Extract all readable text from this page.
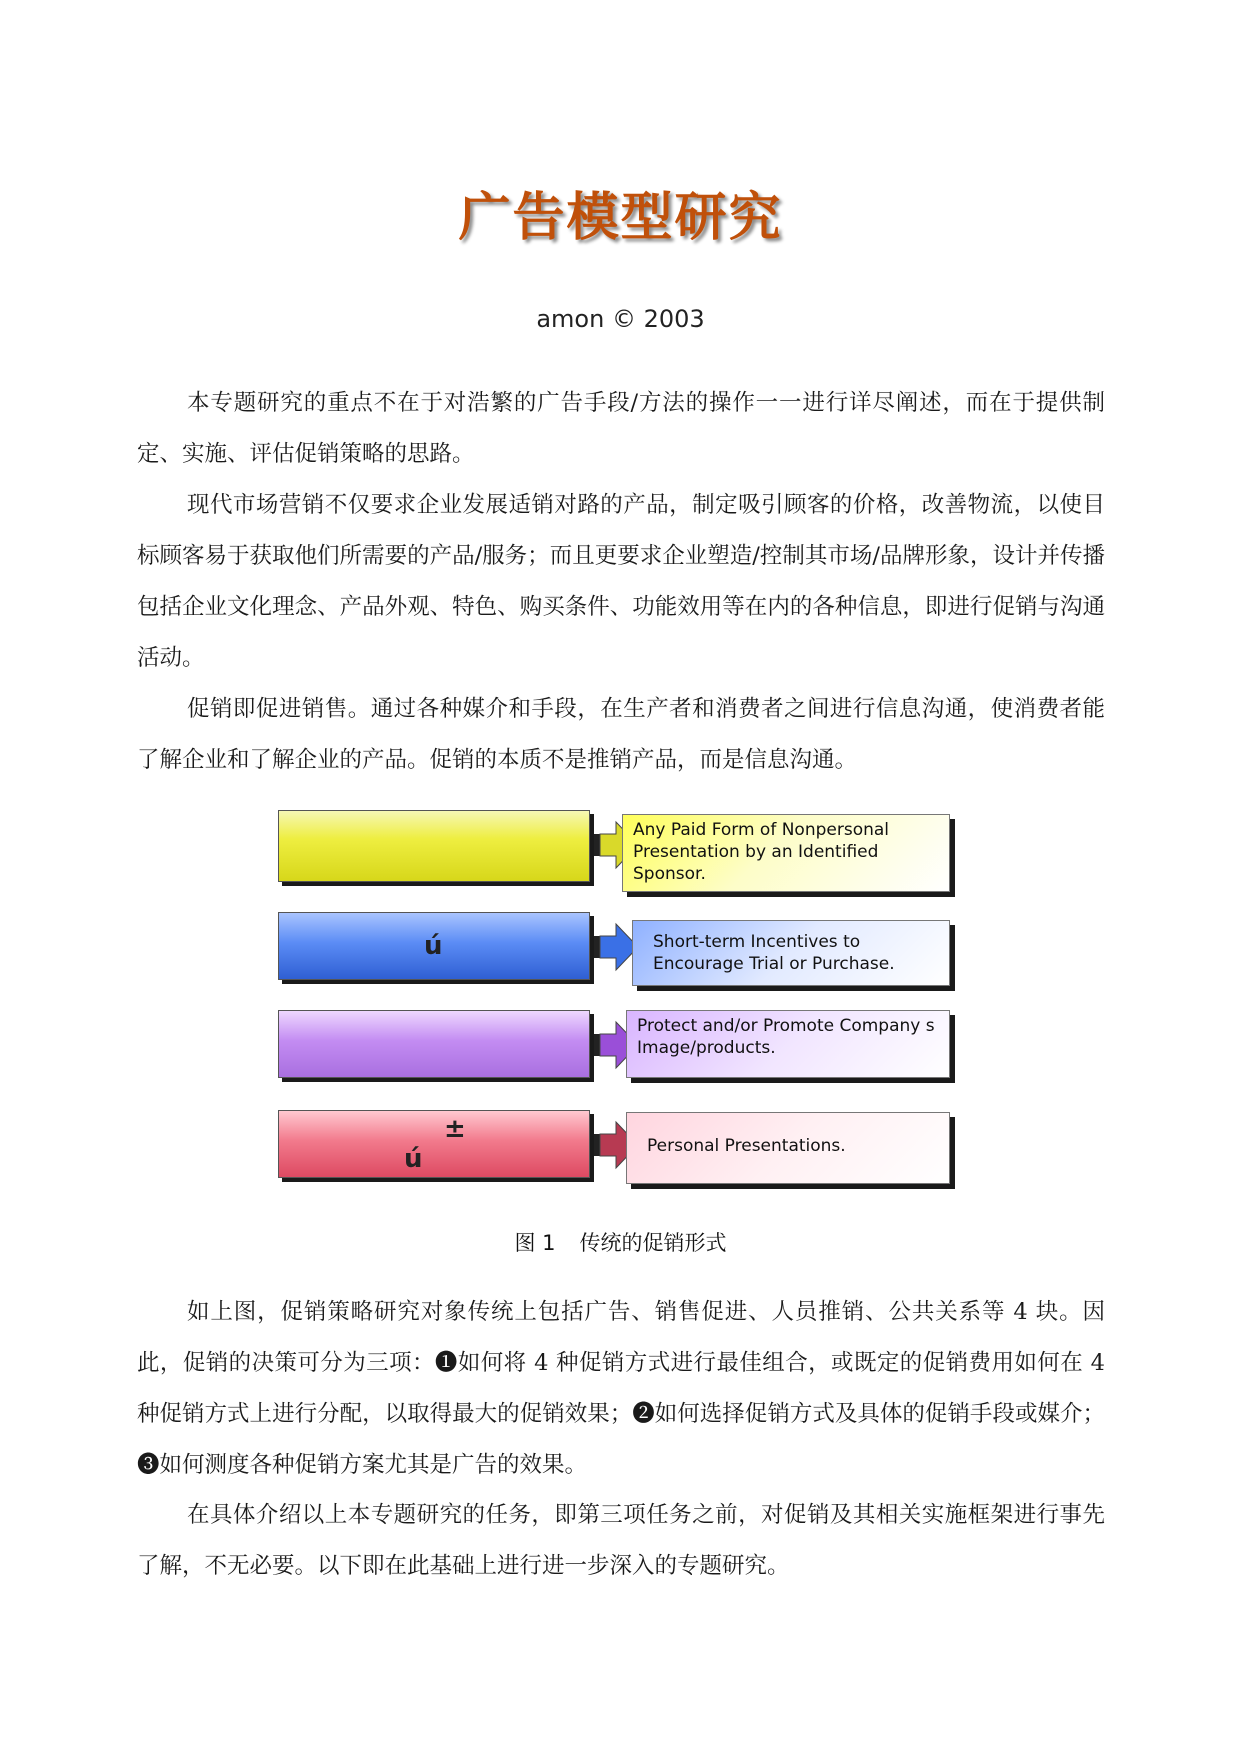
广告模型研究
amon © 2003

本专题研究的重点不在于对浩繁的广告手段/方法的操作一一进行详尽阐述，而在于提供制定、实施、评估促销策略的思路。

现代市场营销不仅要求企业发展适销对路的产品，制定吸引顾客的价格，改善物流，以使目标顾客易于获取他们所需要的产品/服务；而且更要求企业塑造/控制其市场/品牌形象，设计并传播包括企业文化理念、产品外观、特色、购买条件、功能效用等在内的各种信息，即进行促销与沟通活动。

促销即促进销售。通过各种媒介和手段，在生产者和消费者之间进行信息沟通，使消费者能了解企业和了解企业的产品。促销的本质不是推销产品，而是信息沟通。

Any Paid Form of Nonpersonal Presentation by an Identified Sponsor.
ú	Short-term Incentives to Encourage Trial or Purchase.
Protect and/or Promote Company s Image/products.
± ú	Personal Presentations.
图 1 传统的促销形式

如上图，促销策略研究对象传统上包括广告、销售促进、人员推销、公共关系等 4 块。因此，促销的决策可分为三项：❶如何将 4 种促销方式进行最佳组合，或既定的促销费用如何在 4 种促销方式上进行分配，以取得最大的促销效果；❷如何选择促销方式及具体的促销手段或媒介；❸如何测度各种促销方案尤其是广告的效果。

在具体介绍以上本专题研究的任务，即第三项任务之前，对促销及其相关实施框架进行事先了解，不无必要。以下即在此基础上进行进一步深入的专题研究。
